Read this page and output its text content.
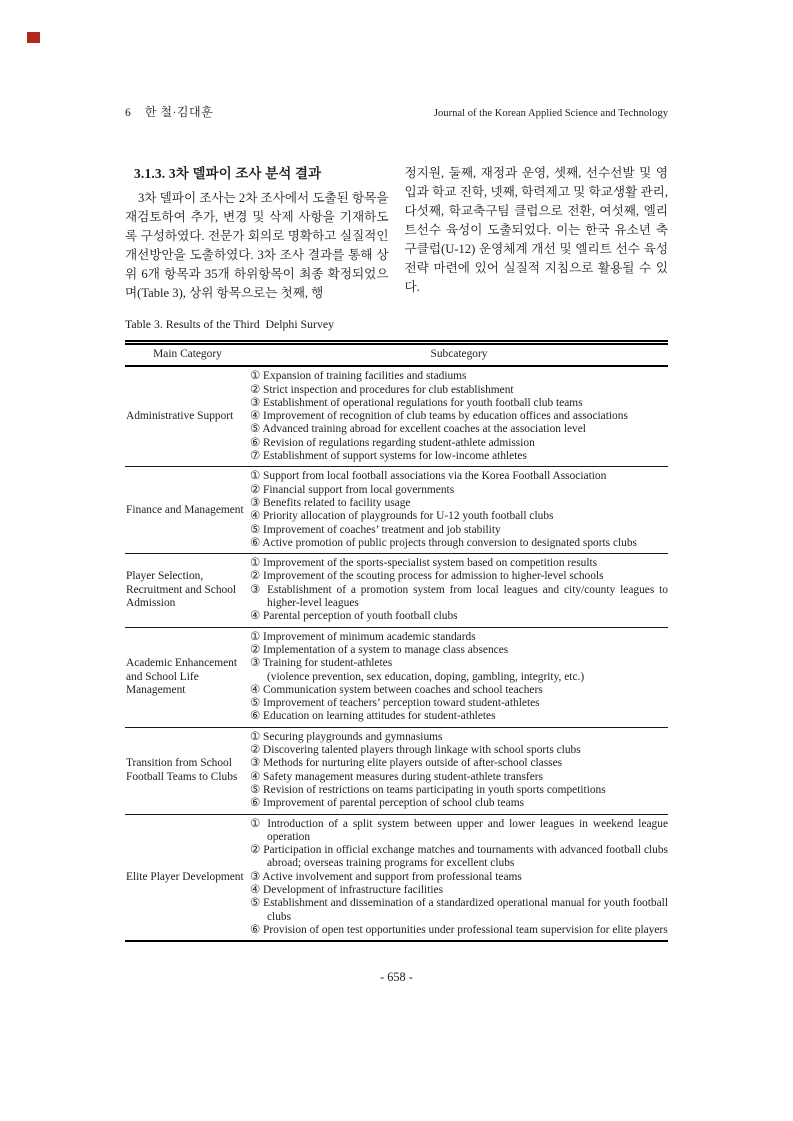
6 한 철·김대훈	Journal of the Korean Applied Science and Technology
3.1.3. 3차 델파이 조사 분석 결과

3차 델파이 조사는 2차 조사에서 도출된 항목을 재검토하여 추가, 변경 및 삭제 사항을 기재하도록 구성하였다. 전문가 회의로 명확하고 실질적인 개선방안을 도출하였다. 3차 조사 결과를 통해 상위 6개 항목과 35개 하위항목이 최종 확정되었으며(Table 3), 상위 항목으로는 첫째, 행

정지원, 둘째, 재정과 운영, 셋째, 선수선발 및 영입과 학교 진학, 넷째, 학력제고 및 학교생활 관리, 다섯째, 학교축구팀 클럽으로 전환, 여섯째, 엘리트선수 육성이 도출되었다. 이는 한국 유소년 축구클럽(U-12) 운영체계 개선 및 엘리트 선수 육성 전략 마련에 있어 실질적 지침으로 활용될 수 있다.

Table 3. Results of the Third  Delphi Survey
Main Category	Subcategory
Administrative Support	
① Expansion of training facilities and stadiums
② Strict inspection and procedures for club establishment
③ Establishment of operational regulations for youth football club teams
④ Improvement of recognition of club teams by education offices and associations
⑤ Advanced training abroad for excellent coaches at the association level
⑥ Revision of regulations regarding student-athlete admission
⑦ Establishment of support systems for low-income athletes

Finance and Management	
① Support from local football associations via the Korea Football Association
② Financial support from local governments
③ Benefits related to facility usage
④ Priority allocation of playgrounds for U-12 youth football clubs
⑤ Improvement of coaches’ treatment and job stability
⑥ Active promotion of public projects through conversion to designated sports clubs

Player Selection, Recruitment and School Admission	① Improvement of the sports-specialist system based on competition results
② Improvement of the scouting process for admission to higher-level schools
③ Establishment of a promotion system from local leagues and city/county leagues to higher-level leagues
④ Parental perception of youth football clubs

Academic Enhancement and School Life Management	
① Improvement of minimum academic standards
② Implementation of a system to manage class absences
③ Training for student-athletes
(violence prevention, sex education, doping, gambling, integrity, etc.)
④ Communication system between coaches and school teachers
⑤ Improvement of teachers’ perception toward student-athletes
⑥ Education on learning attitudes for student-athletes

Transition from School Football Teams to Clubs	
① Securing playgrounds and gymnasiums
② Discovering talented players through linkage with school sports clubs
③ Methods for nurturing elite players outside of after-school classes
④ Safety management measures during student-athlete transfers
⑤ Revision of restrictions on teams participating in youth sports competitions
⑥ Improvement of parental perception of school club teams

Elite Player Development	
① Introduction of a split system between upper and lower leagues in weekend league operation
② Participation in official exchange matches and tournaments with advanced football clubs abroad; overseas training programs for excellent clubs
③ Active involvement and support from professional teams
④ Development of infrastructure facilities
⑤ Establishment and dissemination of a standardized operational manual for youth football clubs
⑥ Provision of open test opportunities under professional team supervision for elite players
- 658 -
